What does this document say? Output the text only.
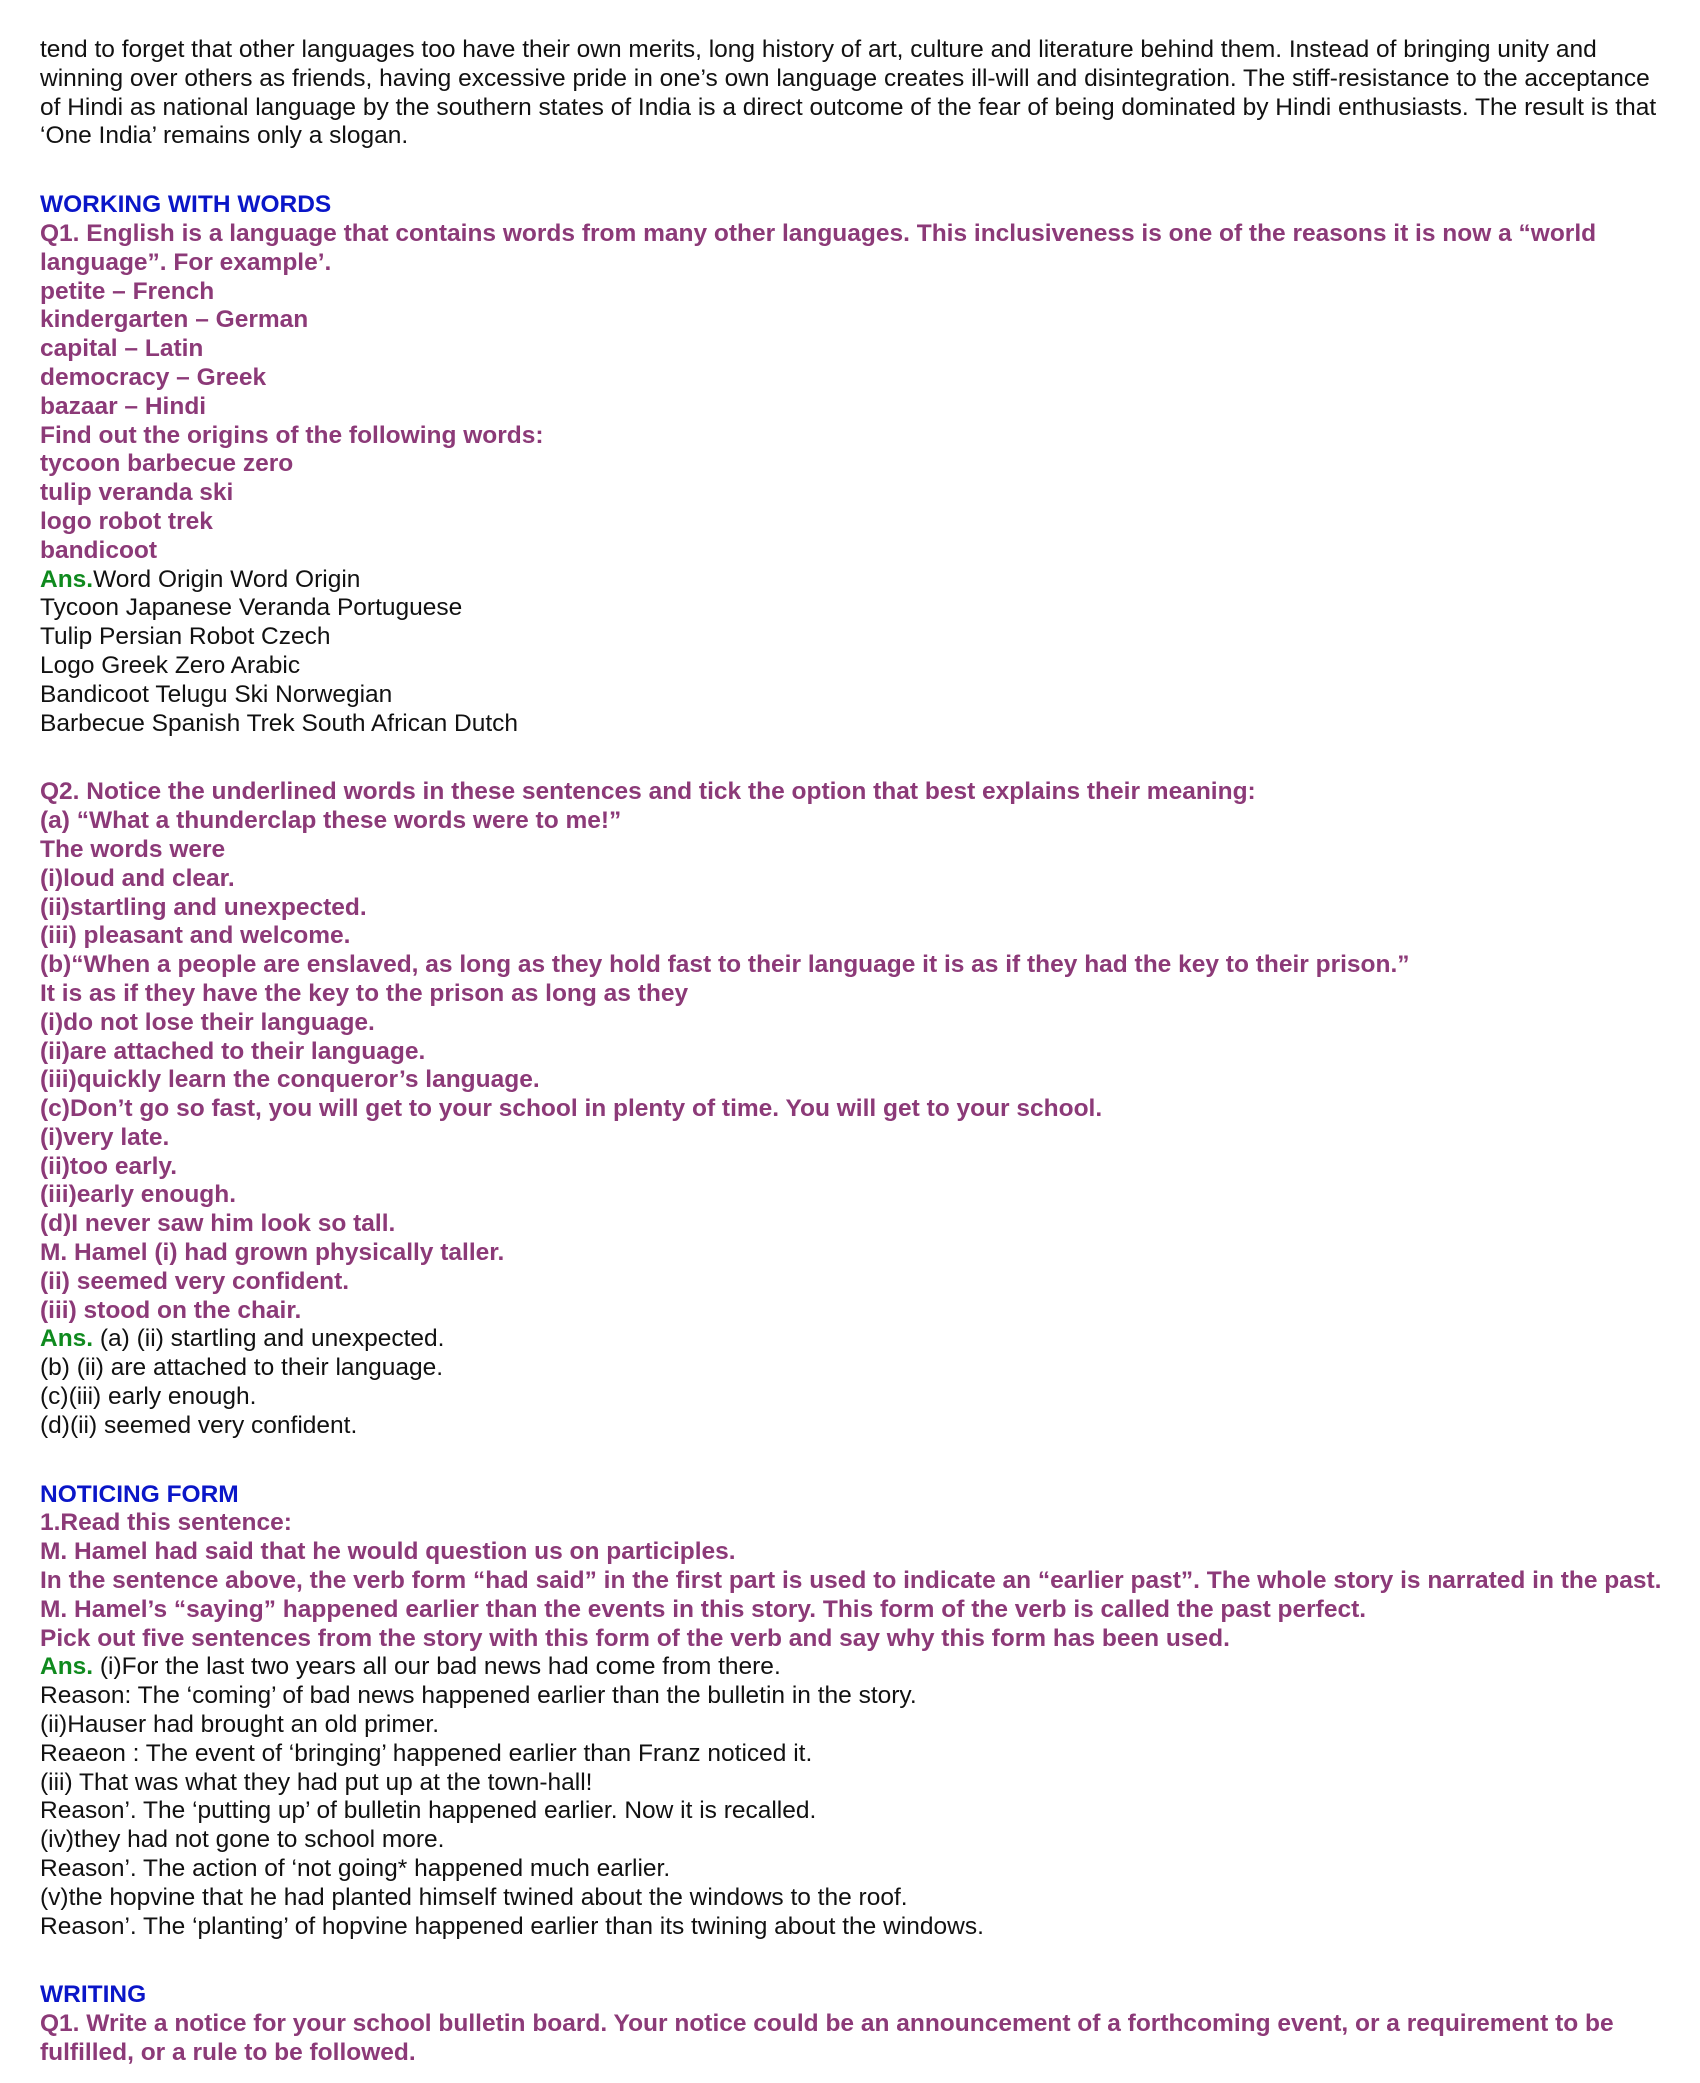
tend to forget that other languages too have their own merits, long history of art, culture and literature behind them. Instead of bringing unity and
winning over others as friends, having excessive pride in one’s own language creates ill-will and disintegration. The stiff-resistance to the acceptance
of Hindi as national language by the southern states of India is a direct outcome of the fear of being dominated by Hindi enthusiasts. The result is that
‘One India’ remains only a slogan.
WORKING WITH WORDS
Q1. English is a language that contains words from many other languages. This inclusiveness is one of the reasons it is now a “world
language”. For example’.
petite – French
kindergarten – German
capital – Latin
democracy – Greek
bazaar – Hindi
Find out the origins of the following words:
tycoon barbecue zero
tulip veranda ski
logo robot trek
bandicoot
Ans.Word Origin Word Origin
Tycoon Japanese Veranda Portuguese
Tulip Persian Robot Czech
Logo Greek Zero Arabic
Bandicoot Telugu Ski Norwegian
Barbecue Spanish Trek South African Dutch
Q2. Notice the underlined words in these sentences and tick the option that best explains their meaning:
(a) “What a thunderclap these words were to me!”
The words were
(i)loud and clear.
(ii)startling and unexpected.
(iii) pleasant and welcome.
(b)“When a people are enslaved, as long as they hold fast to their language it is as if they had the key to their prison.”
It is as if they have the key to the prison as long as they
(i)do not lose their language.
(ii)are attached to their language.
(iii)quickly learn the conqueror’s language.
(c)Don’t go so fast, you will get to your school in plenty of time. You will get to your school.
(i)very late.
(ii)too early.
(iii)early enough.
(d)I never saw him look so tall.
M. Hamel (i) had grown physically taller.
(ii) seemed very confident.
(iii) stood on the chair.
Ans. (a) (ii) startling and unexpected.
(b) (ii) are attached to their language.
(c)(iii) early enough.
(d)(ii) seemed very confident.
NOTICING FORM
1.Read this sentence:
M. Hamel had said that he would question us on participles.
In the sentence above, the verb form “had said” in the first part is used to indicate an “earlier past”. The whole story is narrated in the past.
M. Hamel’s “saying” happened earlier than the events in this story. This form of the verb is called the past perfect.
Pick out five sentences from the story with this form of the verb and say why this form has been used.
Ans. (i)For the last two years all our bad news had come from there.
Reason: The ‘coming’ of bad news happened earlier than the bulletin in the story.
(ii)Hauser had brought an old primer.
Reaeon : The event of ‘bringing’ happened earlier than Franz noticed it.
(iii) That was what they had put up at the town-hall!
Reason’. The ‘putting up’ of bulletin happened earlier. Now it is recalled.
(iv)they had not gone to school more.
Reason’. The action of ‘not going* happened much earlier.
(v)the hopvine that he had planted himself twined about the windows to the roof.
Reason’. The ‘planting’ of hopvine happened earlier than its twining about the windows.
WRITING
Q1. Write a notice for your school bulletin board. Your notice could be an announcement of a forthcoming event, or a requirement to be
fulfilled, or a rule to be followed.
